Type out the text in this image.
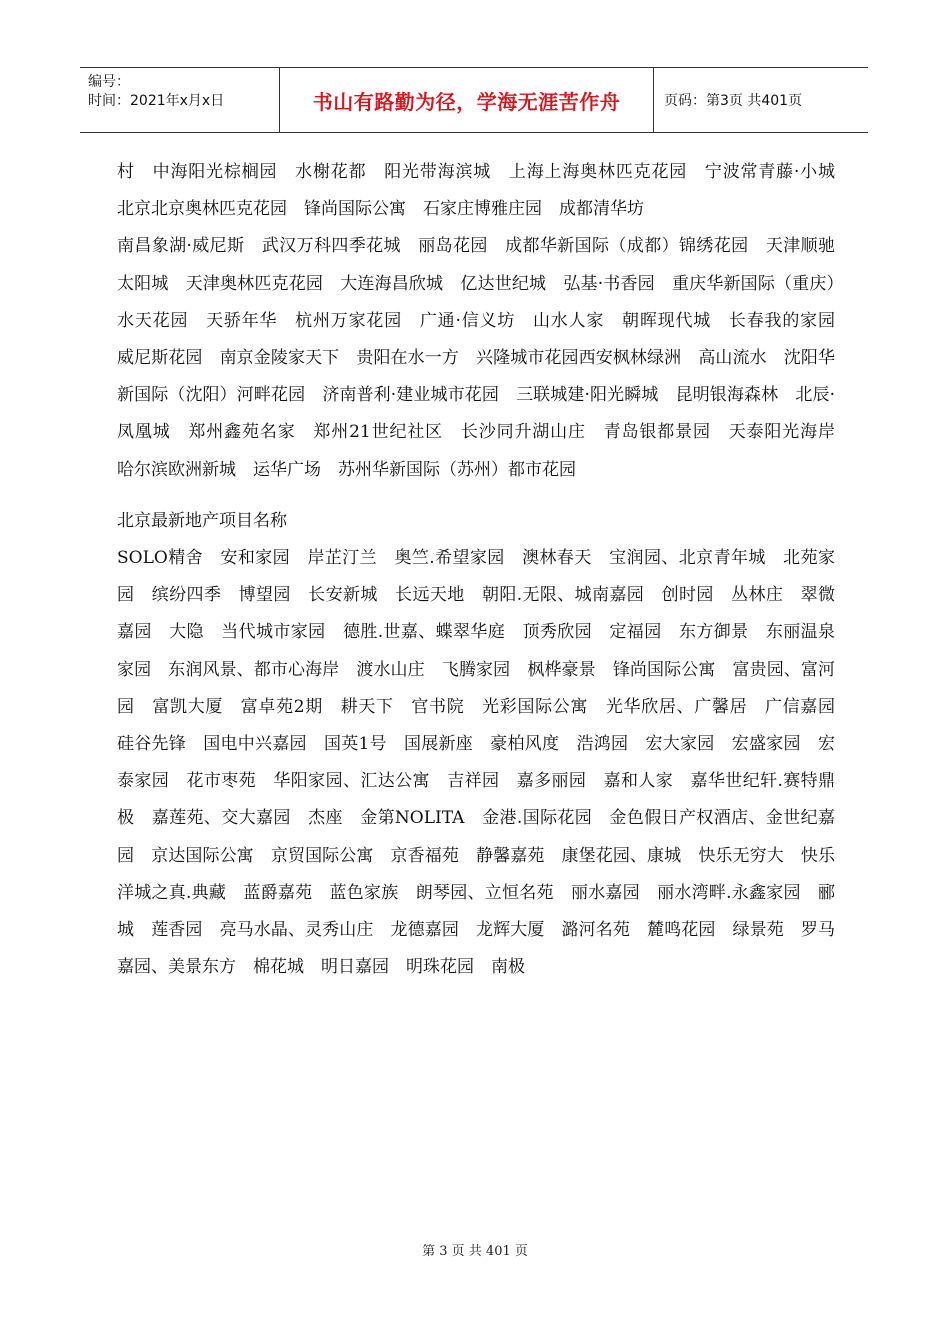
编号：
时间：2021年x月x日	书山有路勤为径，学海无涯苦作舟	页码：第3页 共401页

村　中海阳光棕榈园　水榭花都　阳光带海滨城　上海上海奥林匹克花园　宁波常青藤·小城　北京北京奥林匹克花园　锋尚国际公寓　石家庄博雅庄园　成都清华坊

南昌象湖·威尼斯　武汉万科四季花城　丽岛花园　成都华新国际（成都）锦绣花园　天津顺驰太阳城　天津奥林匹克花园　大连海昌欣城　亿达世纪城　弘基·书香园　重庆华新国际（重庆）水天花园　天骄年华　杭州万家花园　广通·信义坊　山水人家　朝晖现代城　长春我的家园　威尼斯花园　南京金陵家天下　贵阳在水一方　兴隆城市花园西安枫林绿洲　高山流水　沈阳华新国际（沈阳）河畔花园　济南普利·建业城市花园　三联城建·阳光瞬城　昆明银海森林　北辰·凤凰城　郑州鑫苑名家　郑州21世纪社区　长沙同升湖山庄　青岛银都景园　天泰阳光海岸　哈尔滨欧洲新城　运华广场　苏州华新国际（苏州）都市花园

北京最新地产项目名称

SOLO精舍　安和家园　岸芷汀兰　奥竺.希望家园　澳林春天　宝润园、北京青年城　北苑家园　缤纷四季　博望园　长安新城　长远天地　朝阳.无限、城南嘉园　创时园　丛林庄　翠微嘉园　大隐　当代城市家园　德胜.世嘉、蝶翠华庭　顶秀欣园　定福园　东方御景　东丽温泉家园　东润风景、都市心海岸　渡水山庄　飞腾家园　枫桦豪景　锋尚国际公寓　富贵园、富河园　富凯大厦　富卓苑2期　耕天下　官书院　光彩国际公寓　光华欣居、广馨居　广信嘉园　硅谷先锋　国电中兴嘉园　国英1号　国展新座　豪柏风度　浩鸿园　宏大家园　宏盛家园　宏泰家园　花市枣苑　华阳家园、汇达公寓　吉祥园　嘉多丽园　嘉和人家　嘉华世纪轩.赛特鼎极　嘉莲苑、交大嘉园　杰座　金第NOLITA　金港.国际花园　金色假日产权酒店、金世纪嘉园　京达国际公寓　京贸国际公寓　京香福苑　静馨嘉苑　康堡花园、康城　快乐无穷大　快乐洋城之真.典藏　蓝爵嘉苑　蓝色家族　朗琴园、立恒名苑　丽水嘉园　丽水湾畔.永鑫家园　郦城　莲香园　亮马水晶、灵秀山庄　龙德嘉园　龙辉大厦　潞河名苑　麓鸣花园　绿景苑　罗马嘉园、美景东方　棉花城　明日嘉园　明珠花园　南极

第 3 页 共 401 页
